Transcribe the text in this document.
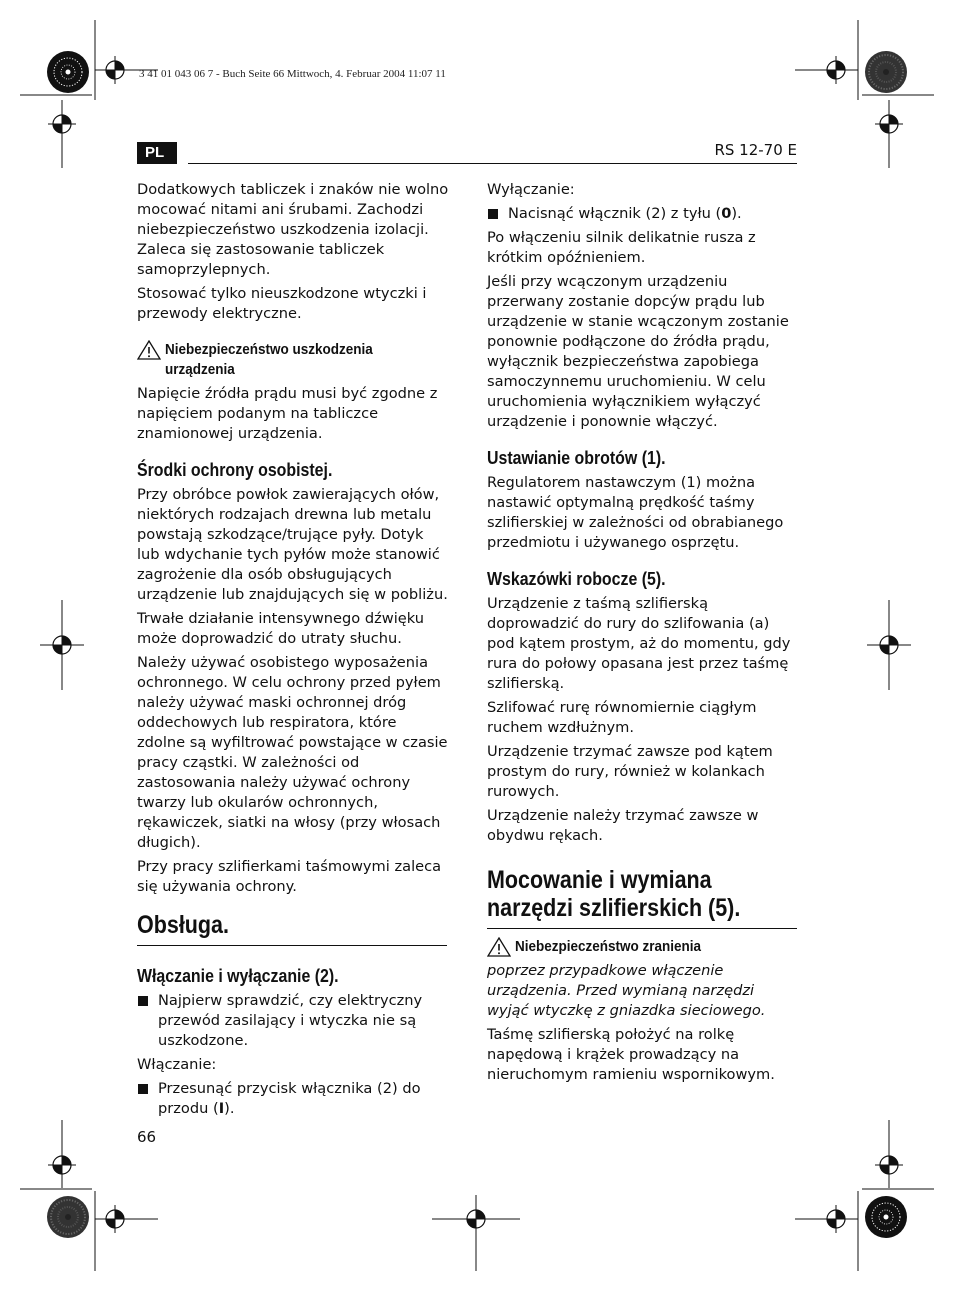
3 41 01 043 06 7 - Buch Seite 66 Mittwoch, 4. Februar 2004 11:07 11
PL	RS 12-70 E

Dodatkowych tabliczek i znaków nie wolno mocować nitami ani śrubami. Zachodzi niebezpieczeństwo uszkodzenia izolacji. Zaleca się zastosowanie tabliczek samoprzylepnych.

Stosować tylko nieuszkodzone wtyczki i przewody elektryczne.

Niebezpieczeństwo uszkodzenia urządzenia

Napięcie źródła prądu musi być zgodne z napięciem podanym na tabliczce znamionowej urządzenia.

Środki ochrony osobistej.

Przy obróbce powłok zawierających ołów, niektórych rodzajach drewna lub metalu powstają szkodzące/trujące pyły. Dotyk lub wdychanie tych pyłów może stanowić zagrożenie dla osób obsługujących urządzenie lub znajdujących się w pobliżu.

Trwałe działanie intensywnego dźwięku może doprowadzić do utraty słuchu.

Należy używać osobistego wyposażenia ochronnego. W celu ochrony przed pyłem należy używać maski ochronnej dróg oddechowych lub respiratora, które zdolne są wyfiltrować powstające w czasie pracy cząstki. W zależności od zastosowania należy używać ochrony twarzy lub okularów ochronnych, rękawiczek, siatki na włosy (przy włosach długich).

Przy pracy szlifierkami taśmowymi zaleca się używania ochrony.

Obsługa.
Włączanie i wyłączanie (2).
Najpierw sprawdzić, czy elektryczny przewód zasilający i wtyczka nie są uszkodzone.

Włączanie:

Przesunąć przycisk włącznika (2) do przodu (I).

Wyłączanie:

Nacisnąć włącznik (2) z tyłu (0).

Po włączeniu silnik delikatnie rusza z krótkim opóźnieniem.

Jeśli przy wcączonym urządzeniu przerwany zostanie dopcýw prądu lub urządzenie w stanie wcączonym zostanie ponownie podłączone do źródła prądu, wyłącznik bezpieczeństwa zapobiega samoczynnemu uruchomieniu. W celu uruchomienia wyłącznikiem wyłączyć urządzenie i ponownie włączyć.

Ustawianie obrotów (1).

Regulatorem nastawczym (1) można nastawić optymalną prędkość taśmy szlifierskiej w zależności od obrabianego przedmiotu i używanego osprzętu.

Wskazówki robocze (5).

Urządzenie z taśmą szlifierską doprowadzić do rury do szlifowania (a) pod kątem prostym, aż do momentu, gdy rura do połowy opasana jest przez taśmę szlifierską.

Szlifować rurę równomiernie ciągłym ruchem wzdłużnym.

Urządzenie trzymać zawsze pod kątem prostym do rury, również w kolankach rurowych.

Urządzenie należy trzymać zawsze w obydwu rękach.

Mocowanie i wymiana narzędzi szlifierskich (5).
Niebezpieczeństwo zranienia

poprzez przypadkowe włączenie urządzenia. Przed wymianą narzędzi wyjąć wtyczkę z gniazdka sieciowego.

Taśmę szlifierską położyć na rolkę napędową i krążek prowadzący na nieruchomym ramieniu wspornikowym.

66
